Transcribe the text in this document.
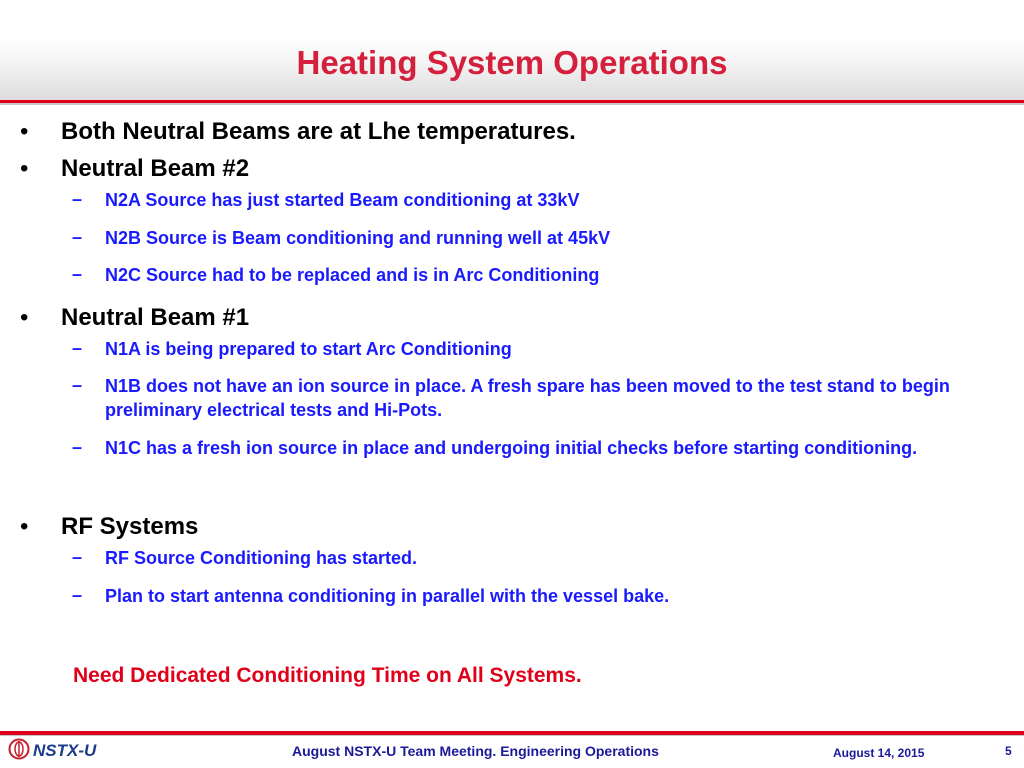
Heating System Operations
• Both Neutral Beams are at Lhe temperatures.
• Neutral Beam #2
– N2A Source has just started Beam conditioning at 33kV
– N2B Source is Beam conditioning and running well at 45kV
– N2C Source had to be replaced and is in Arc Conditioning
• Neutral Beam #1
– N1A is being prepared to start Arc Conditioning
– N1B does not have an ion source in place. A fresh spare has been moved to the test stand to begin preliminary electrical tests and Hi-Pots.
– N1C has a fresh ion source in place and undergoing initial checks before starting conditioning.
• RF Systems
– RF Source Conditioning has started.
– Plan to start antenna conditioning in parallel with the vessel bake.
Need Dedicated Conditioning Time on All Systems.
NSTX-U	August NSTX-U Team Meeting. Engineering Operations	August 14, 2015	5
